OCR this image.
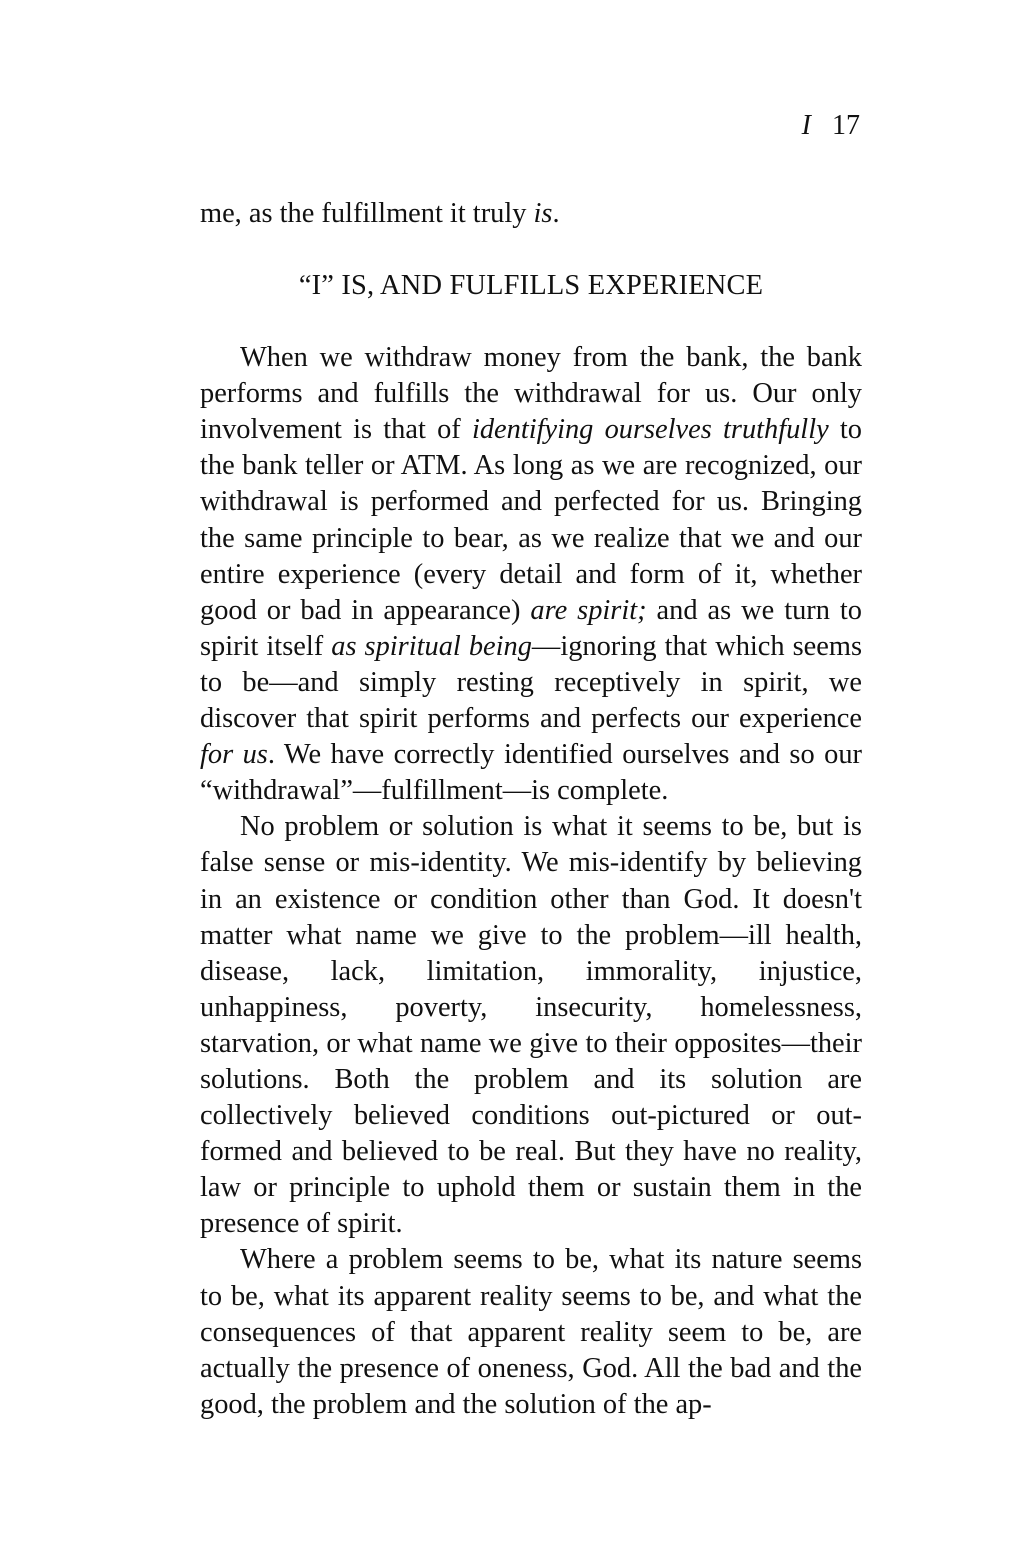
I 17

me, as the fulfillment it truly is.

“I” IS, AND FULFILLS EXPERIENCE

When we withdraw money from the bank, the bank performs and fulfills the withdrawal for us. Our only involvement is that of identifying ourselves truthfully to the bank teller or ATM. As long as we are recognized, our withdrawal is performed and perfected for us. Bringing the same principle to bear, as we realize that we and our entire experience (every detail and form of it, whether good or bad in appearance) are spirit; and as we turn to spirit itself as spiritual being—ignoring that which seems to be—and simply resting receptively in spirit, we discover that spirit performs and perfects our experience for us. We have correctly identified ourselves and so our “withdrawal”—fulfillment—is complete.

No problem or solution is what it seems to be, but is false sense or mis-identity. We mis-identify by believing in an existence or condition other than God. It doesn't matter what name we give to the problem—ill health, disease, lack, limitation, immorality, injustice, unhappiness, poverty, insecurity, homelessness, starvation, or what name we give to their opposites—their solutions. Both the problem and its solution are collectively believed conditions out-pictured or out-formed and believed to be real. But they have no reality, law or principle to uphold them or sustain them in the presence of spirit.

Where a problem seems to be, what its nature seems to be, what its apparent reality seems to be, and what the consequences of that apparent reality seem to be, are actually the presence of oneness, God. All the bad and the good, the problem and the solution of the ap-
